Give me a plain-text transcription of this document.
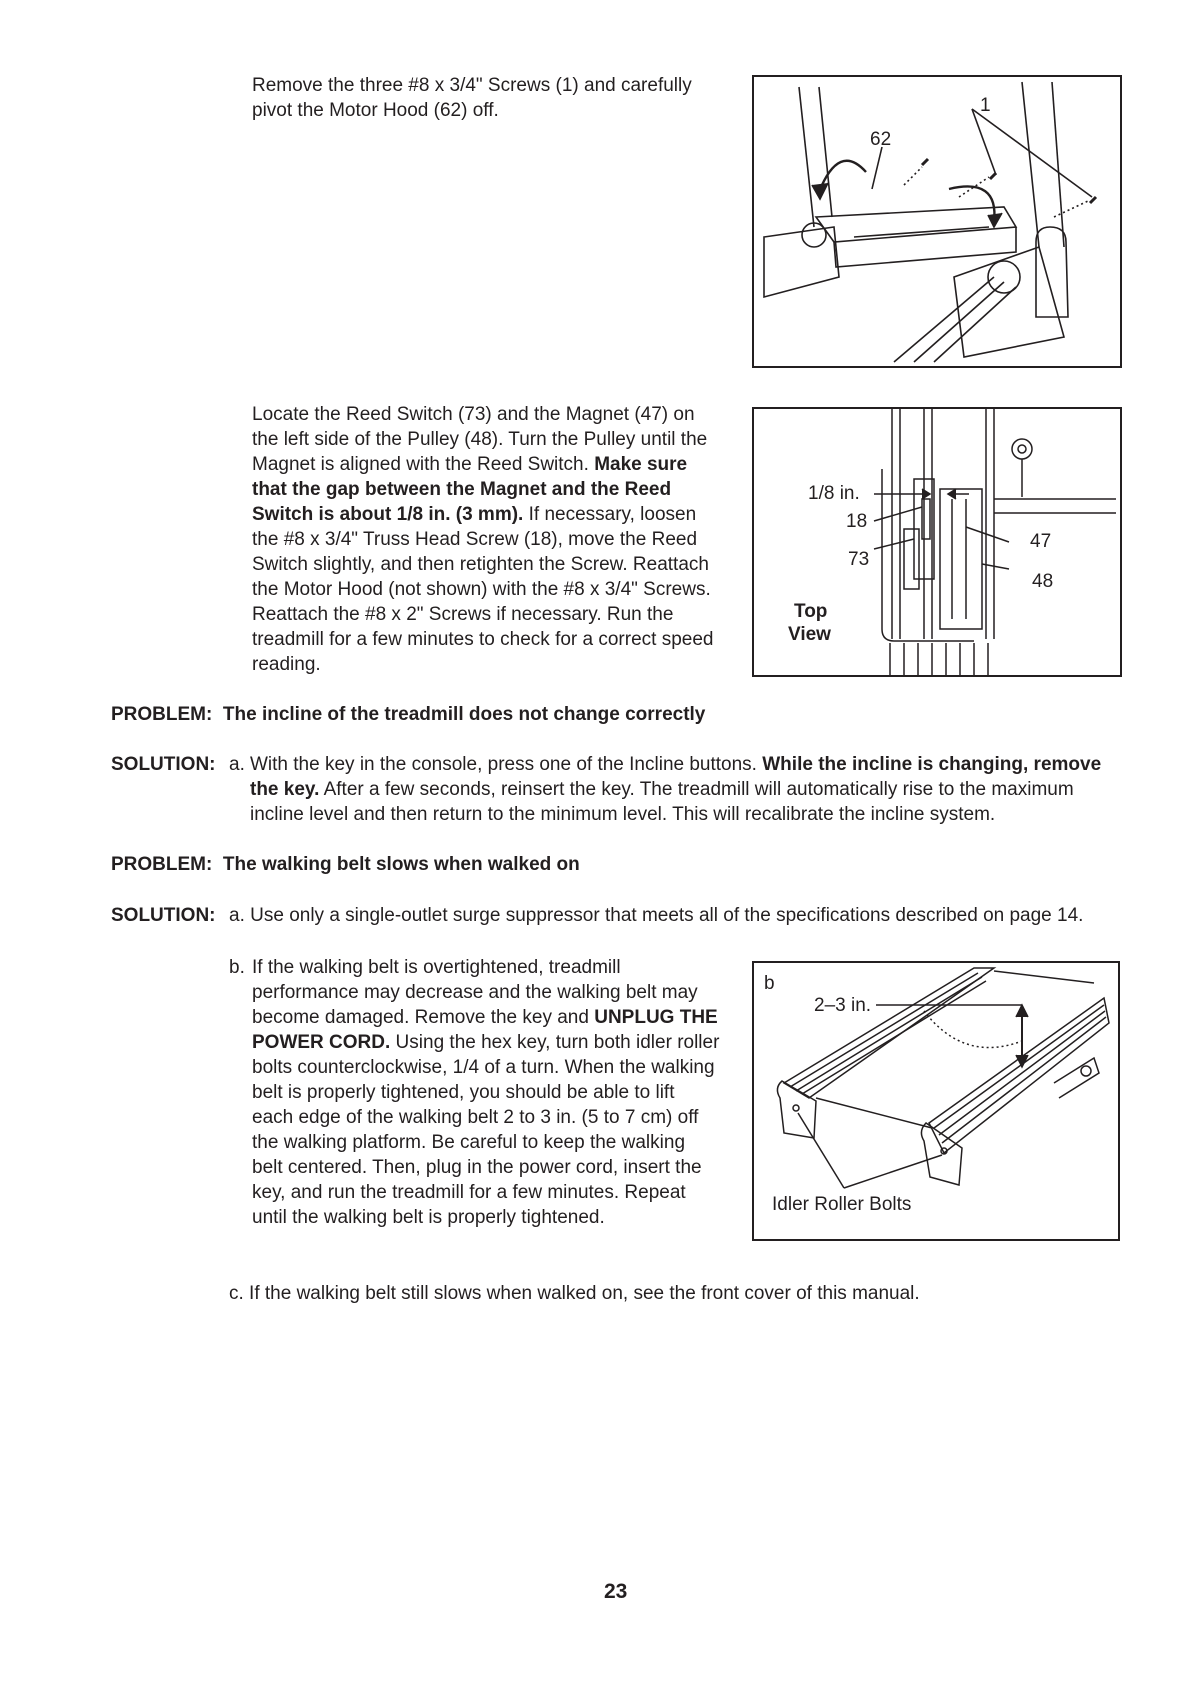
Remove the three #8 x 3/4" Screws (1) and carefully pivot the Motor Hood (62) off.	1
62

Locate the Reed Switch (73) and the Magnet (47) on the left side of the Pulley (48). Turn the Pulley until the Magnet is aligned with the Reed Switch. Make sure that the gap between the Magnet and the Reed Switch is about 1/8 in. (3 mm). If necessary, loosen the #8 x 3/4" Truss Head Screw (18), move the Reed Switch slightly, and then retighten the Screw. Reattach the Motor Hood (not shown) with the #8 x 3/4" Screws. Reattach the #8 x 2" Screws if necessary. Run the treadmill for a few minutes to check for a correct speed reading.

1/8 in.
18
73
47
48
Top
View
PROBLEM: The incline of the treadmill does not change correctly
SOLUTION: a. With the key in the console, press one of the Incline buttons. While the incline is changing, remove the key. After a few seconds, reinsert the key. The treadmill will automatically rise to the maximum incline level and then return to the minimum level. This will recalibrate the incline system.
PROBLEM: The walking belt slows when walked on
SOLUTION: a. Use only a single-outlet surge suppressor that meets all of the specifications described on page 14.
b. If the walking belt is overtightened, treadmill performance may decrease and the walking belt may become damaged. Remove the key and UNPLUG THE POWER CORD. Using the hex key, turn both idler roller bolts counterclockwise, 1/4 of a turn. When the walking belt is properly tightened, you should be able to lift each edge of the walking belt 2 to 3 in. (5 to 7 cm) off the walking platform. Be careful to keep the walking belt centered. Then, plug in the power cord, insert the key, and run the treadmill for a few minutes. Repeat until the walking belt is properly tightened.
b
2–3 in.
Idler Roller Bolts
c. If the walking belt still slows when walked on, see the front cover of this manual.
23
